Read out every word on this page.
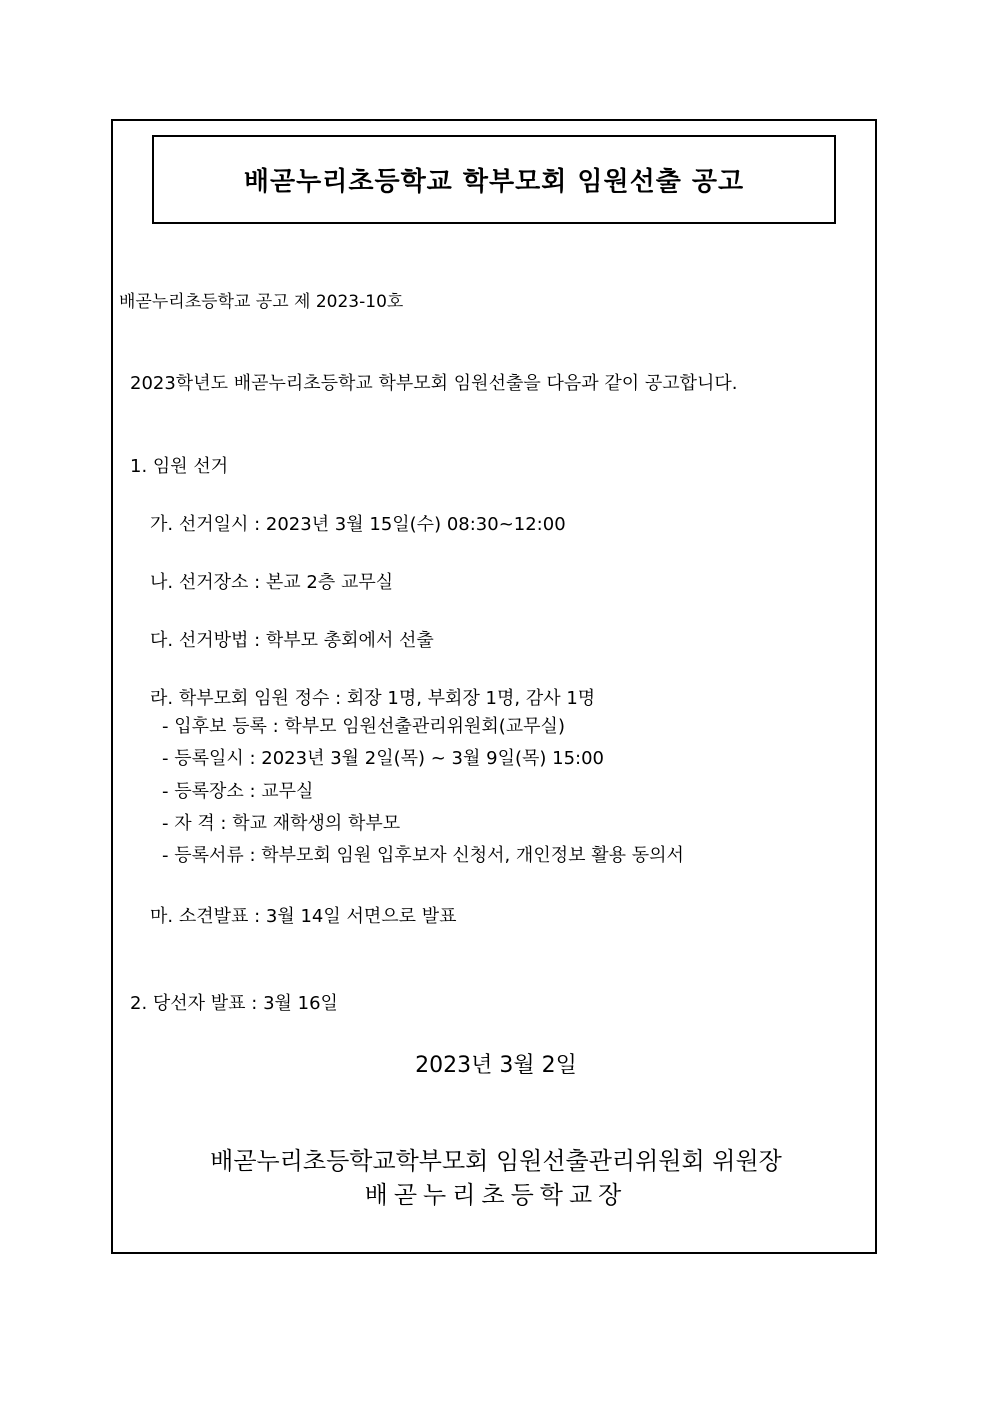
배곧누리초등학교 학부모회 임원선출 공고
배곧누리초등학교 공고 제 2023-10호
2023학년도 배곧누리초등학교 학부모회 임원선출을 다음과 같이 공고합니다.
1. 임원 선거
가. 선거일시 : 2023년 3월 15일(수) 08:30~12:00
나. 선거장소 : 본교 2층 교무실
다. 선거방법 : 학부모 총회에서 선출
라. 학부모회 임원 정수 : 회장 1명, 부회장 1명, 감사 1명
- 입후보 등록 : 학부모 임원선출관리위원회(교무실)
- 등록일시 : 2023년 3월 2일(목) ~ 3월 9일(목) 15:00
- 등록장소 : 교무실
- 자 격 : 학교 재학생의 학부모
- 등록서류 : 학부모회 임원 입후보자 신청서, 개인정보 활용 동의서
마. 소견발표 : 3월 14일 서면으로 발표
2. 당선자 발표 : 3월 16일
2023년 3월 2일
배곧누리초등학교학부모회 임원선출관리위원회 위원장
배곧누리초등학교장
